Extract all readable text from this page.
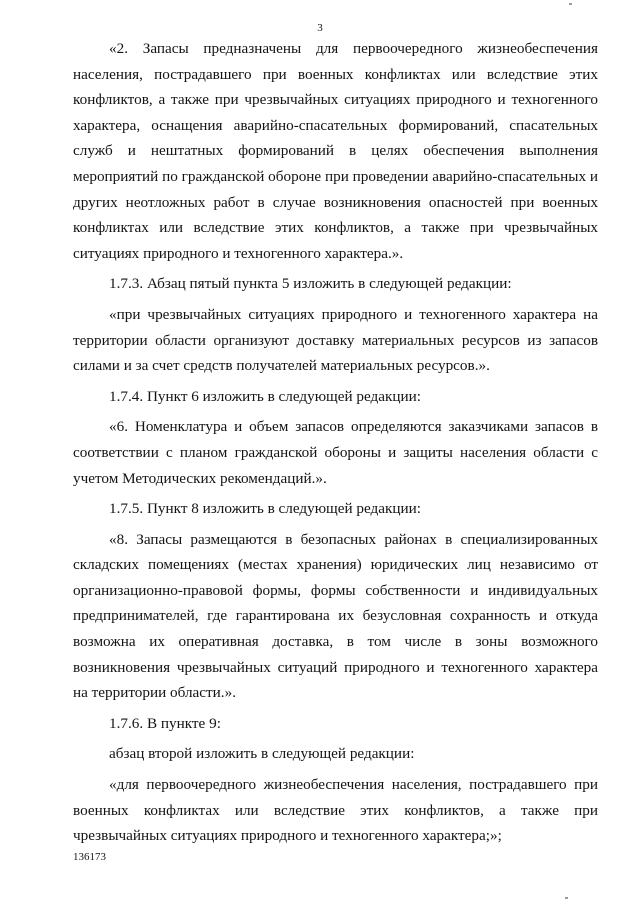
3

«2. Запасы предназначены для первоочередного жизнеобеспечения населения, пострадавшего при военных конфликтах или вследствие этих конфликтов, а также при чрезвычайных ситуациях природного и техногенного характера, оснащения аварийно-спасательных формирований, спасательных служб и нештатных формирований в целях обеспечения выполнения мероприятий по гражданской обороне при проведении аварийно-спасательных и других неотложных работ в случае возникновения опасностей при военных конфликтах или вследствие этих конфликтов, а также при чрезвычайных ситуациях природного и техногенного характера.».

1.7.3. Абзац пятый пункта 5 изложить в следующей редакции:

«при чрезвычайных ситуациях природного и техногенного характера на территории области организуют доставку материальных ресурсов из запасов силами и за счет средств получателей материальных ресурсов.».

1.7.4. Пункт 6 изложить в следующей редакции:

«6. Номенклатура и объем запасов определяются заказчиками запасов в соответствии с планом гражданской обороны и защиты населения области с учетом Методических рекомендаций.».

1.7.5. Пункт 8 изложить в следующей редакции:

«8. Запасы размещаются в безопасных районах в специализированных складских помещениях (местах хранения) юридических лиц независимо от организационно-правовой формы, формы собственности и индивидуальных предпринимателей, где гарантирована их безусловная сохранность и откуда возможна их оперативная доставка, в том числе в зоны возможного возникновения чрезвычайных ситуаций природного и техногенного характера на территории области.».

1.7.6. В пункте 9:

абзац второй изложить в следующей редакции:

«для первоочередного жизнеобеспечения населения, пострадавшего при военных конфликтах или вследствие этих конфликтов, а также при чрезвычайных ситуациях природного и техногенного характера;»;

136173
